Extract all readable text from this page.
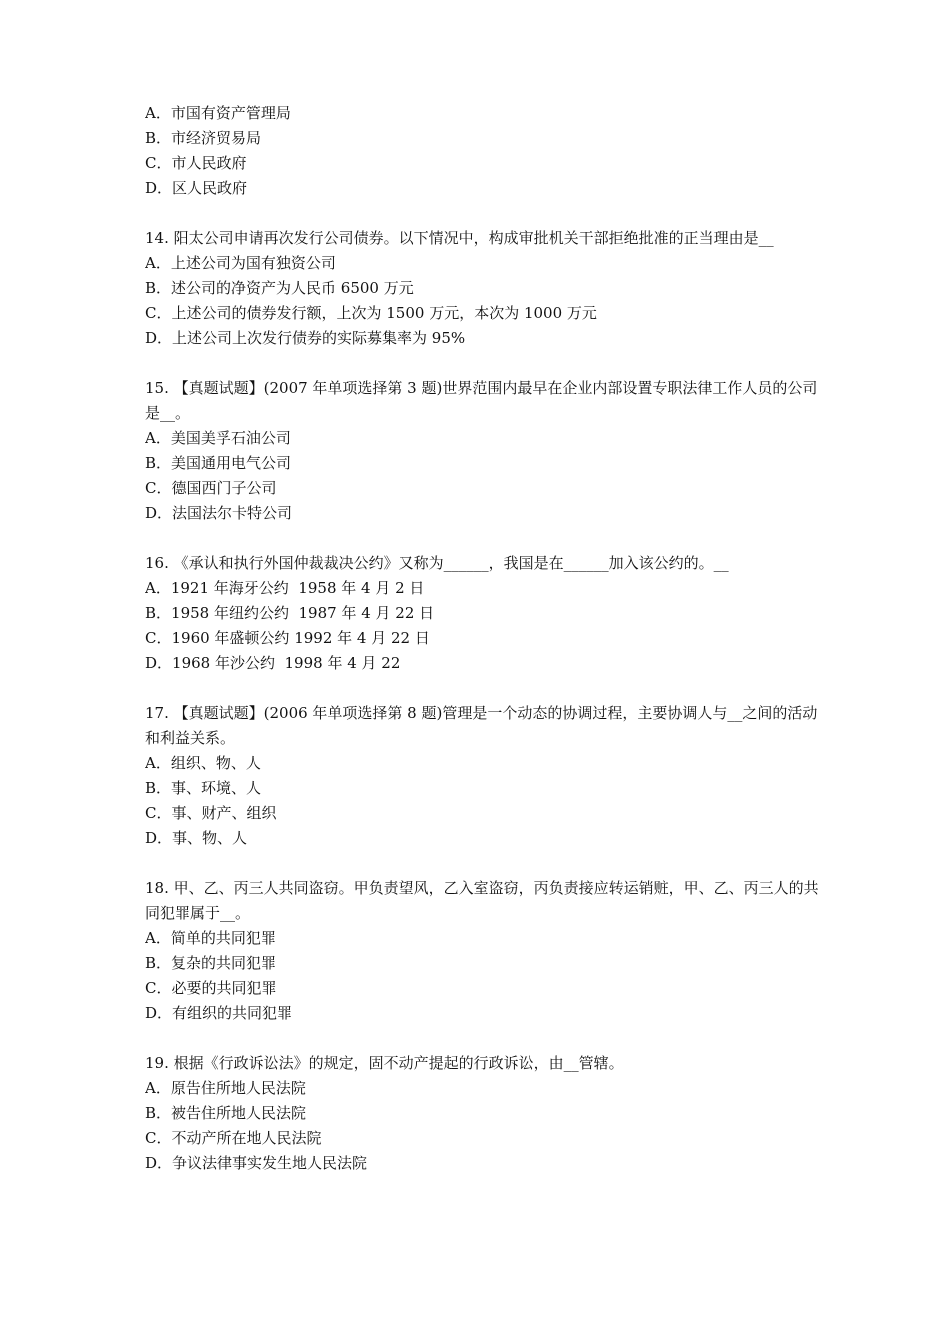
A．市国有资产管理局
B．市经济贸易局
C．市人民政府
D．区人民政府
14. 阳太公司申请再次发行公司债券。以下情况中，构成审批机关干部拒绝批准的正当理由是__
A．上述公司为国有独资公司
B．述公司的净资产为人民币 6500 万元
C．上述公司的债券发行额，上次为 1500 万元，本次为 1000 万元
D．上述公司上次发行债券的实际募集率为 95%
15. 【真题试题】(2007 年单项选择第 3 题)世界范围内最早在企业内部设置专职法律工作人员的公司是__。
A．美国美孚石油公司
B．美国通用电气公司
C．德国西门子公司
D．法国法尔卡特公司
16. 《承认和执行外国仲裁裁决公约》又称为______，我国是在______加入该公约的。__
A．1921 年海牙公约  1958 年 4 月 2 日
B．1958 年纽约公约  1987 年 4 月 22 日
C．1960 年盛顿公约 1992 年 4 月 22 日
D．1968 年沙公约  1998 年 4 月 22
17. 【真题试题】(2006 年单项选择第 8 题)管理是一个动态的协调过程，主要协调人与__之间的活动和利益关系。
A．组织、物、人
B．事、环境、人
C．事、财产、组织
D．事、物、人
18. 甲、乙、丙三人共同盗窃。甲负责望风，乙入室盗窃，丙负责接应转运销赃，甲、乙、丙三人的共同犯罪属于__。
A．简单的共同犯罪
B．复杂的共同犯罪
C．必要的共同犯罪
D．有组织的共同犯罪
19. 根据《行政诉讼法》的规定，固不动产提起的行政诉讼，由__管辖。
A．原告住所地人民法院
B．被告住所地人民法院
C．不动产所在地人民法院
D．争议法律事实发生地人民法院
